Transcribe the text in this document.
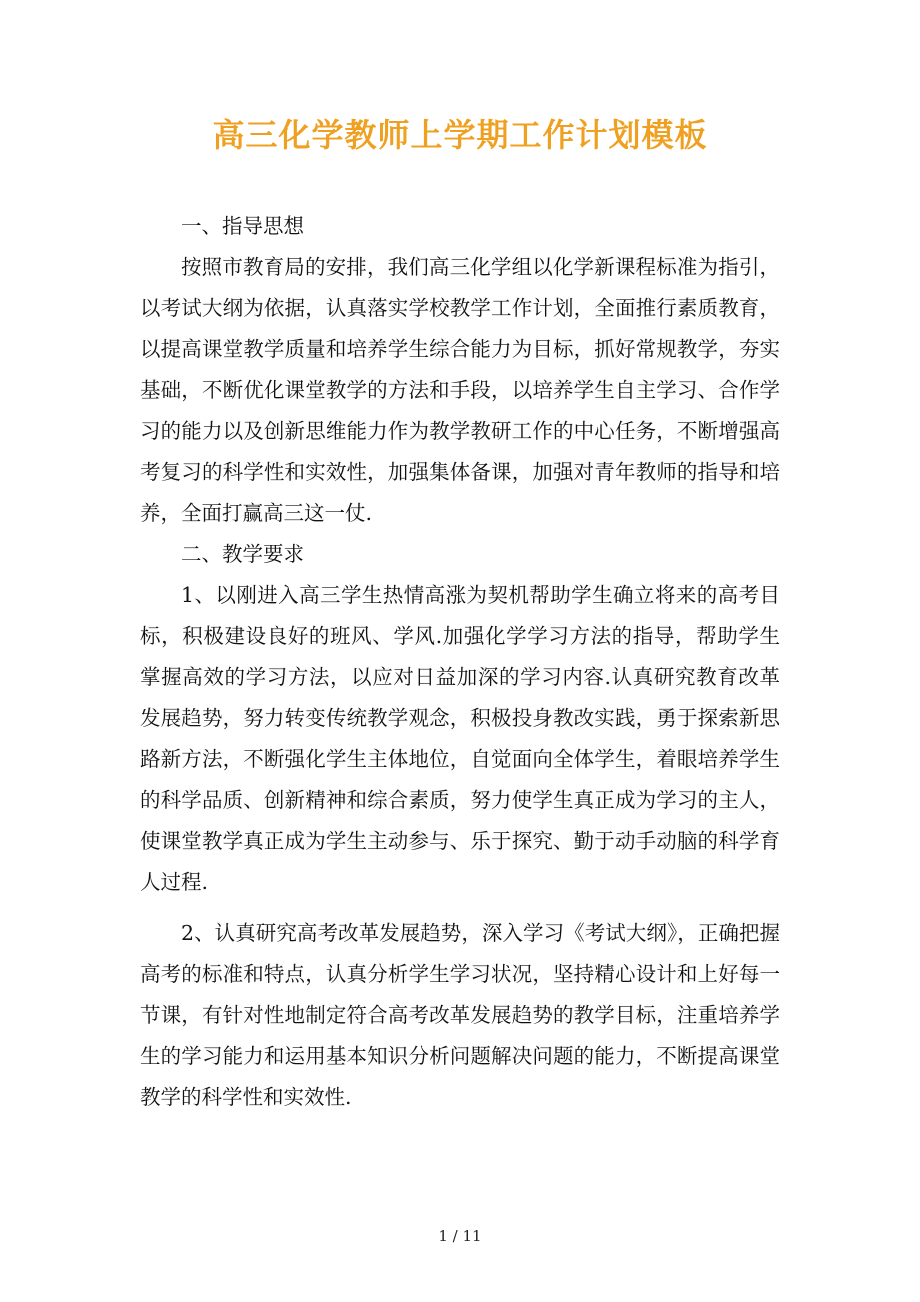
高三化学教师上学期工作计划模板

一、指导思想

按照市教育局的安排，我们高三化学组以化学新课程标准为指引，以考试大纲为依据，认真落实学校教学工作计划，全面推行素质教育，以提高课堂教学质量和培养学生综合能力为目标，抓好常规教学，夯实基础，不断优化课堂教学的方法和手段，以培养学生自主学习、合作学习的能力以及创新思维能力作为教学教研工作的中心任务，不断增强高考复习的科学性和实效性，加强集体备课，加强对青年教师的指导和培养，全面打赢高三这一仗.

二、教学要求

1、以刚进入高三学生热情高涨为契机帮助学生确立将来的高考目标，积极建设良好的班风、学风.加强化学学习方法的指导，帮助学生掌握高效的学习方法，以应对日益加深的学习内容.认真研究教育改革发展趋势，努力转变传统教学观念，积极投身教改实践，勇于探索新思路新方法，不断强化学生主体地位，自觉面向全体学生，着眼培养学生的科学品质、创新精神和综合素质，努力使学生真正成为学习的主人，使课堂教学真正成为学生主动参与、乐于探究、勤于动手动脑的科学育人过程.

2、认真研究高考改革发展趋势，深入学习《考试大纲》，正确把握高考的标准和特点，认真分析学生学习状况，坚持精心设计和上好每一节课，有针对性地制定符合高考改革发展趋势的教学目标，注重培养学生的学习能力和运用基本知识分析问题解决问题的能力，不断提高课堂教学的科学性和实效性.

1 / 11
